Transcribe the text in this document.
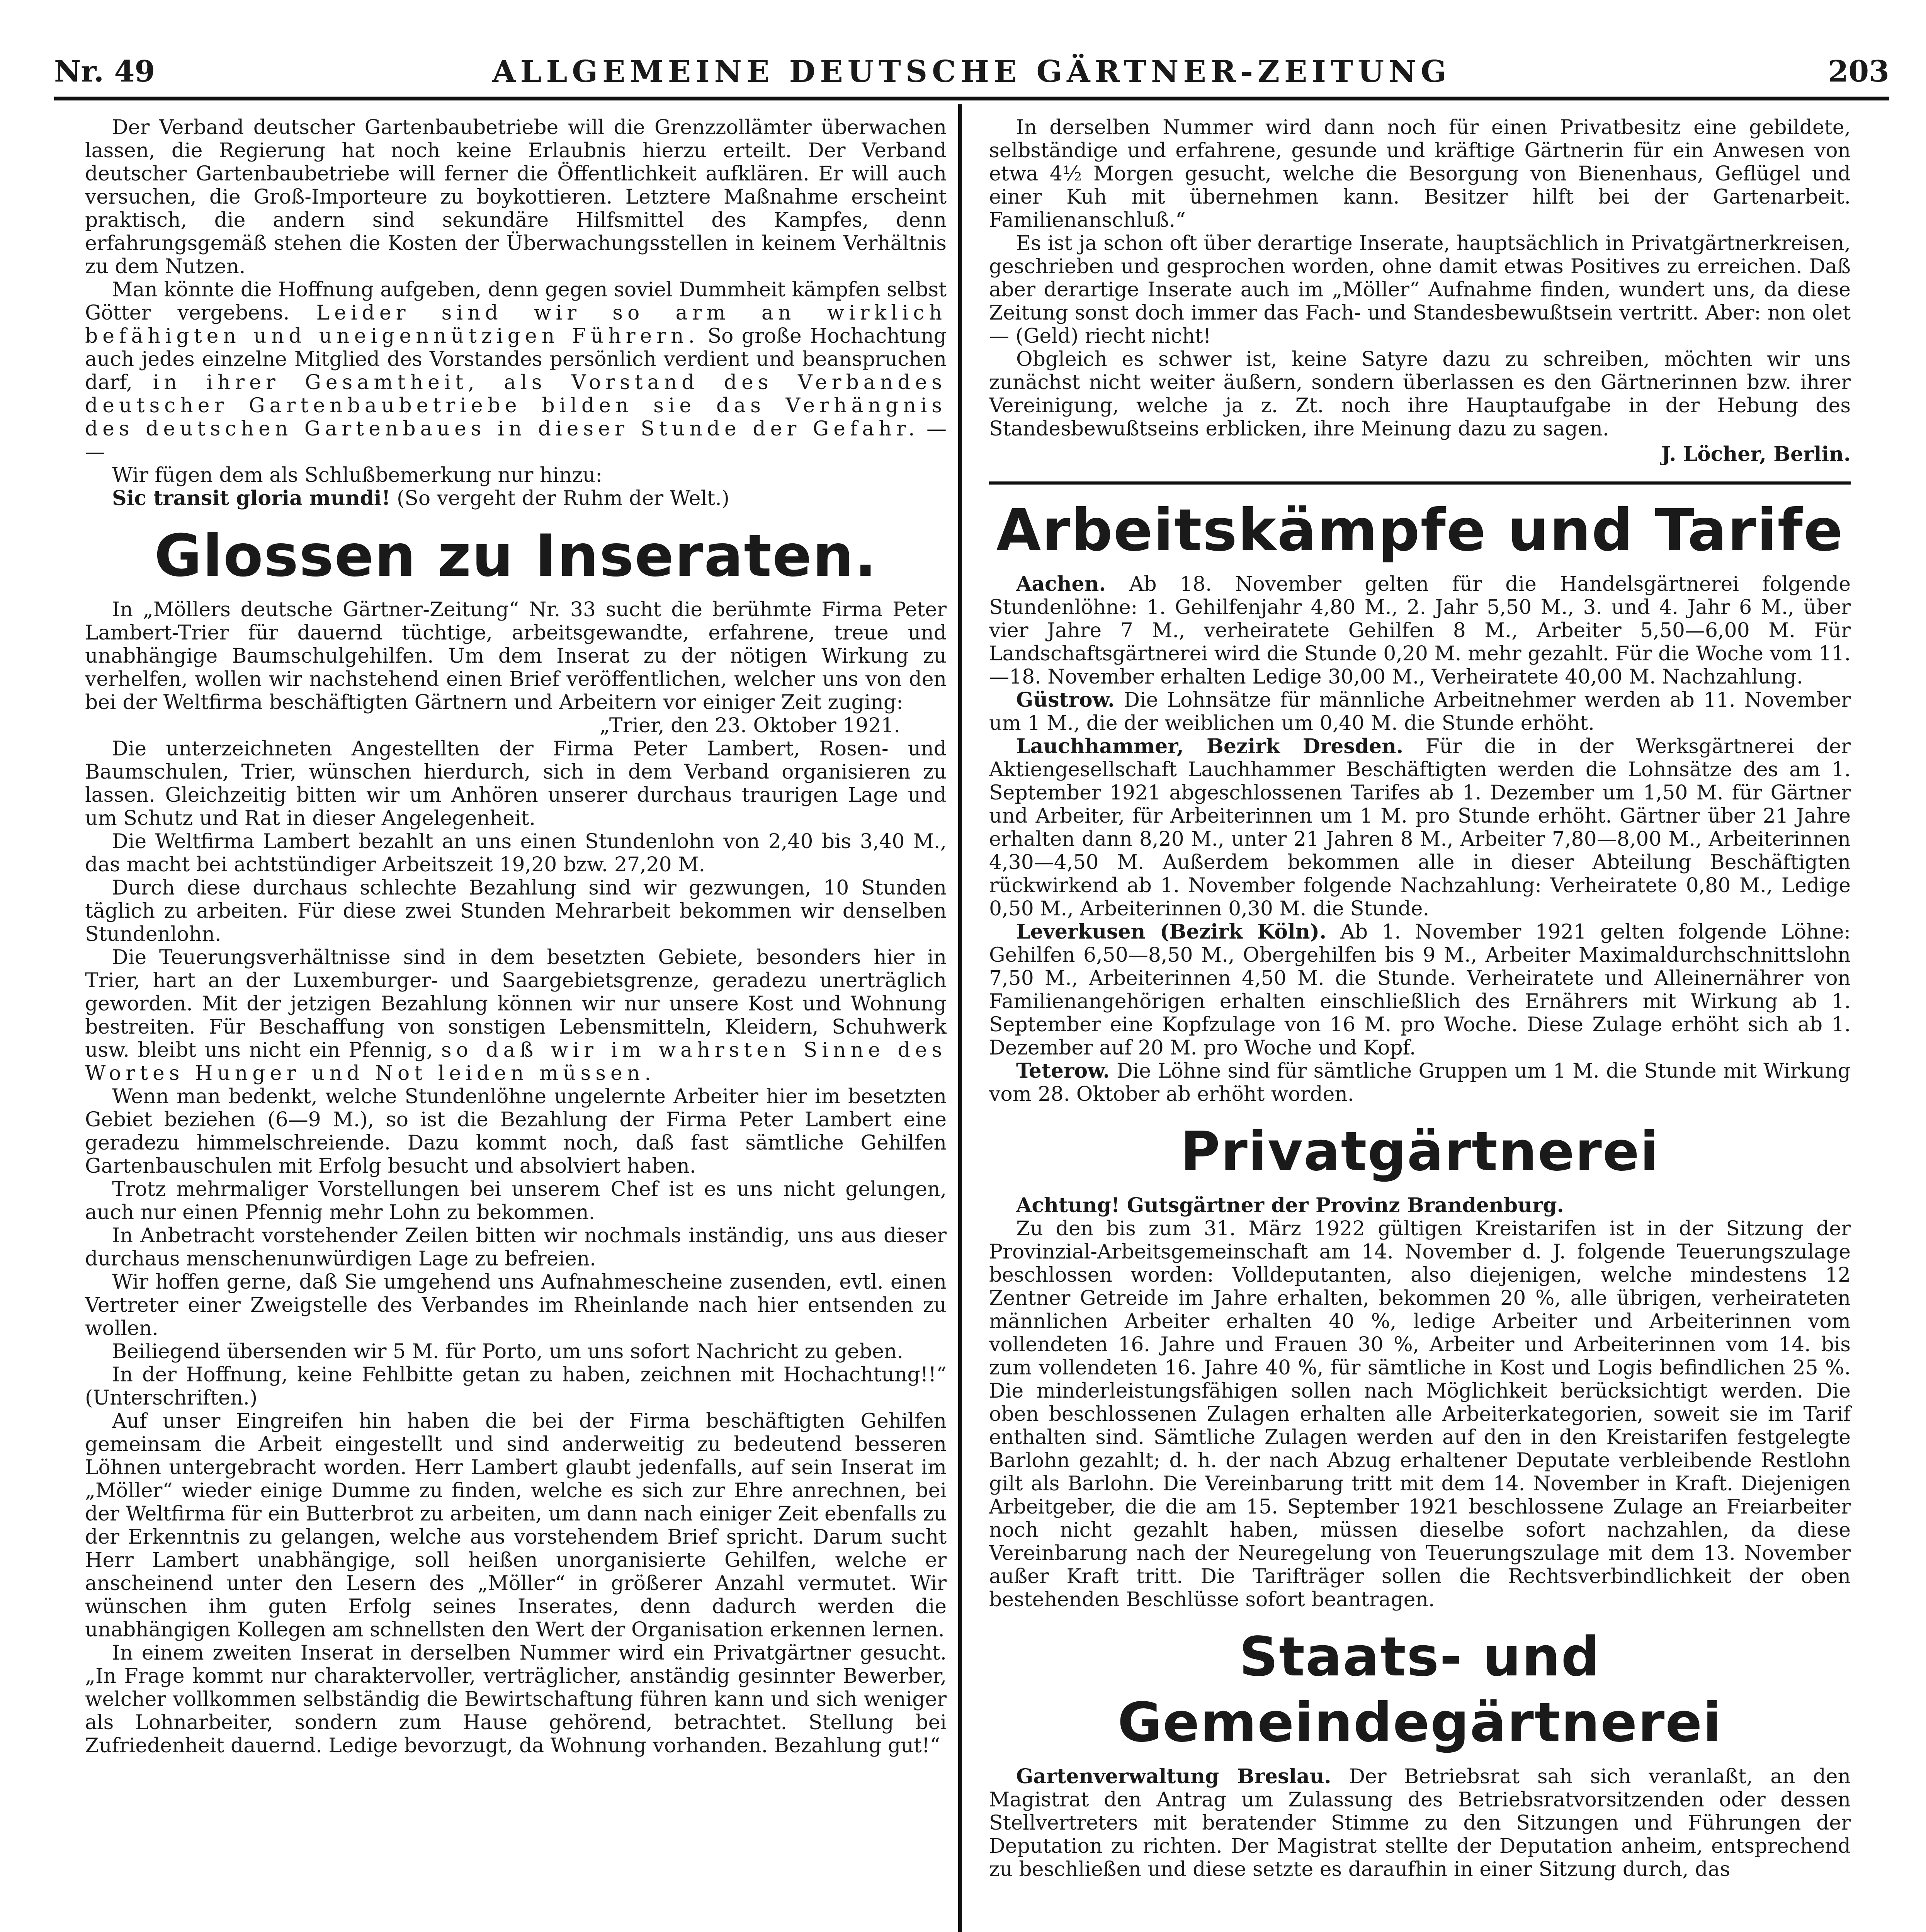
Nr. 49	ALLGEMEINE DEUTSCHE GÄRTNER-ZEITUNG	203

Der Verband deutscher Gartenbaubetriebe will die Grenzzollämter überwachen lassen, die Regierung hat noch keine Erlaubnis hierzu erteilt. Der Verband deutscher Gartenbaubetriebe will ferner die Öffentlichkeit aufklären. Er will auch versuchen, die Groß-Importeure zu boykottieren. Letztere Maßnahme erscheint praktisch, die andern sind sekundäre Hilfsmittel des Kampfes, denn erfahrungsgemäß stehen die Kosten der Überwachungsstellen in keinem Verhältnis zu dem Nutzen.

Man könnte die Hoffnung aufgeben, denn gegen soviel Dummheit kämpfen selbst Götter vergebens. Leider sind wir so arm an wirklich befähigten und uneigennützigen Führern. So große Hochachtung auch jedes einzelne Mitglied des Vorstandes persönlich verdient und beanspruchen darf, in ihrer Gesamtheit, als Vorstand des Verbandes deutscher Gartenbaubetriebe bilden sie das Verhängnis des deutschen Gartenbaues in dieser Stunde der Gefahr. — —

Wir fügen dem als Schlußbemerkung nur hinzu:

Sic transit gloria mundi! (So vergeht der Ruhm der Welt.)

Glossen zu Inseraten.

In „Möllers deutsche Gärtner-Zeitung“ Nr. 33 sucht die berühmte Firma Peter Lambert-Trier für dauernd tüchtige, arbeitsgewandte, erfahrene, treue und unabhängige Baumschulgehilfen. Um dem Inserat zu der nötigen Wirkung zu verhelfen, wollen wir nachstehend einen Brief veröffentlichen, welcher uns von den bei der Weltfirma beschäftigten Gärtnern und Arbeitern vor einiger Zeit zuging:

„Trier, den 23. Oktober 1921.

Die unterzeichneten Angestellten der Firma Peter Lambert, Rosen- und Baumschulen, Trier, wünschen hierdurch, sich in dem Verband organisieren zu lassen. Gleichzeitig bitten wir um Anhören unserer durchaus traurigen Lage und um Schutz und Rat in dieser Angelegenheit.

Die Weltfirma Lambert bezahlt an uns einen Stundenlohn von 2,40 bis 3,40 M., das macht bei achtstündiger Arbeitszeit 19,20 bzw. 27,20 M.

Durch diese durchaus schlechte Bezahlung sind wir gezwungen, 10 Stunden täglich zu arbeiten. Für diese zwei Stunden Mehrarbeit bekommen wir denselben Stundenlohn.

Die Teuerungsverhältnisse sind in dem besetzten Gebiete, besonders hier in Trier, hart an der Luxemburger- und Saargebietsgrenze, geradezu unerträglich geworden. Mit der jetzigen Bezahlung können wir nur unsere Kost und Wohnung bestreiten. Für Beschaffung von sonstigen Lebensmitteln, Kleidern, Schuhwerk usw. bleibt uns nicht ein Pfennig, so daß wir im wahrsten Sinne des Wortes Hunger und Not leiden müssen.

Wenn man bedenkt, welche Stundenlöhne ungelernte Arbeiter hier im besetzten Gebiet beziehen (6—9 M.), so ist die Bezahlung der Firma Peter Lambert eine geradezu himmelschreiende. Dazu kommt noch, daß fast sämtliche Gehilfen Gartenbauschulen mit Erfolg besucht und absolviert haben.

Trotz mehrmaliger Vorstellungen bei unserem Chef ist es uns nicht gelungen, auch nur einen Pfennig mehr Lohn zu bekommen.

In Anbetracht vorstehender Zeilen bitten wir nochmals inständig, uns aus dieser durchaus menschenunwürdigen Lage zu befreien.

Wir hoffen gerne, daß Sie umgehend uns Aufnahmescheine zusenden, evtl. einen Vertreter einer Zweigstelle des Verbandes im Rheinlande nach hier entsenden zu wollen.

Beiliegend übersenden wir 5 M. für Porto, um uns sofort Nachricht zu geben.

In der Hoffnung, keine Fehlbitte getan zu haben, zeichnen mit Hochachtung!!“ (Unterschriften.)

Auf unser Eingreifen hin haben die bei der Firma beschäftigten Gehilfen gemeinsam die Arbeit eingestellt und sind anderweitig zu bedeutend besseren Löhnen untergebracht worden. Herr Lambert glaubt jedenfalls, auf sein Inserat im „Möller“ wieder einige Dumme zu finden, welche es sich zur Ehre anrechnen, bei der Weltfirma für ein Butterbrot zu arbeiten, um dann nach einiger Zeit ebenfalls zu der Erkenntnis zu gelangen, welche aus vorstehendem Brief spricht. Darum sucht Herr Lambert unabhängige, soll heißen unorganisierte Gehilfen, welche er anscheinend unter den Lesern des „Möller“ in größerer Anzahl vermutet. Wir wünschen ihm guten Erfolg seines Inserates, denn dadurch werden die unabhängigen Kollegen am schnellsten den Wert der Organisation erkennen lernen.

In einem zweiten Inserat in derselben Nummer wird ein Privatgärtner gesucht. „In Frage kommt nur charaktervoller, verträglicher, anständig gesinnter Bewerber, welcher vollkommen selbständig die Bewirtschaftung führen kann und sich weniger als Lohnarbeiter, sondern zum Hause gehörend, betrachtet. Stellung bei Zufriedenheit dauernd. Ledige bevorzugt, da Wohnung vorhanden. Bezahlung gut!“

In derselben Nummer wird dann noch für einen Privatbesitz eine gebildete, selbständige und erfahrene, gesunde und kräftige Gärtnerin für ein Anwesen von etwa 4½ Morgen gesucht, welche die Besorgung von Bienenhaus, Geflügel und einer Kuh mit übernehmen kann. Besitzer hilft bei der Gartenarbeit. Familienanschluß.“

Es ist ja schon oft über derartige Inserate, hauptsächlich in Privatgärtnerkreisen, geschrieben und gesprochen worden, ohne damit etwas Positives zu erreichen. Daß aber derartige Inserate auch im „Möller“ Aufnahme finden, wundert uns, da diese Zeitung sonst doch immer das Fach- und Standesbewußtsein vertritt. Aber: non olet — (Geld) riecht nicht!

Obgleich es schwer ist, keine Satyre dazu zu schreiben, möchten wir uns zunächst nicht weiter äußern, sondern überlassen es den Gärtnerinnen bzw. ihrer Vereinigung, welche ja z. Zt. noch ihre Hauptaufgabe in der Hebung des Standesbewußtseins erblicken, ihre Meinung dazu zu sagen.

J. Löcher, Berlin.
Arbeitskämpfe und Tarife

Aachen. Ab 18. November gelten für die Handelsgärtnerei folgende Stundenlöhne: 1. Gehilfenjahr 4,80 M., 2. Jahr 5,50 M., 3. und 4. Jahr 6 M., über vier Jahre 7 M., verheiratete Gehilfen 8 M., Arbeiter 5,50—6,00 M. Für Landschaftsgärtnerei wird die Stunde 0,20 M. mehr gezahlt. Für die Woche vom 11.—18. November erhalten Ledige 30,00 M., Verheiratete 40,00 M. Nachzahlung.

Güstrow. Die Lohnsätze für männliche Arbeitnehmer werden ab 11. November um 1 M., die der weiblichen um 0,40 M. die Stunde erhöht.

Lauchhammer, Bezirk Dresden. Für die in der Werksgärtnerei der Aktiengesellschaft Lauchhammer Beschäftigten werden die Lohnsätze des am 1. September 1921 abgeschlossenen Tarifes ab 1. Dezember um 1,50 M. für Gärtner und Arbeiter, für Arbeiterinnen um 1 M. pro Stunde erhöht. Gärtner über 21 Jahre erhalten dann 8,20 M., unter 21 Jahren 8 M., Arbeiter 7,80—8,00 M., Arbeiterinnen 4,30—4,50 M. Außerdem bekommen alle in dieser Abteilung Beschäftigten rückwirkend ab 1. November folgende Nachzahlung: Verheiratete 0,80 M., Ledige 0,50 M., Arbeiterinnen 0,30 M. die Stunde.

Leverkusen (Bezirk Köln). Ab 1. November 1921 gelten folgende Löhne: Gehilfen 6,50—8,50 M., Obergehilfen bis 9 M., Arbeiter Maximaldurchschnittslohn 7,50 M., Arbeiterinnen 4,50 M. die Stunde. Verheiratete und Alleinernährer von Familienangehörigen erhalten einschließlich des Ernährers mit Wirkung ab 1. September eine Kopfzulage von 16 M. pro Woche. Diese Zulage erhöht sich ab 1. Dezember auf 20 M. pro Woche und Kopf.

Teterow. Die Löhne sind für sämtliche Gruppen um 1 M. die Stunde mit Wirkung vom 28. Oktober ab erhöht worden.

Privatgärtnerei

Achtung! Gutsgärtner der Provinz Brandenburg.

Zu den bis zum 31. März 1922 gültigen Kreistarifen ist in der Sitzung der Provinzial-Arbeitsgemeinschaft am 14. November d. J. folgende Teuerungszulage beschlossen worden: Volldeputanten, also diejenigen, welche mindestens 12 Zentner Getreide im Jahre erhalten, bekommen 20 %, alle übrigen, verheirateten männlichen Arbeiter erhalten 40 %, ledige Arbeiter und Arbeiterinnen vom vollendeten 16. Jahre und Frauen 30 %, Arbeiter und Arbeiterinnen vom 14. bis zum vollendeten 16. Jahre 40 %, für sämtliche in Kost und Logis befindlichen 25 %. Die minderleistungsfähigen sollen nach Möglichkeit berücksichtigt werden. Die oben beschlossenen Zulagen erhalten alle Arbeiterkategorien, soweit sie im Tarif enthalten sind. Sämtliche Zulagen werden auf den in den Kreistarifen festgelegte Barlohn gezahlt; d. h. der nach Abzug erhaltener Deputate verbleibende Restlohn gilt als Barlohn. Die Vereinbarung tritt mit dem 14. November in Kraft. Diejenigen Arbeitgeber, die die am 15. September 1921 beschlossene Zulage an Freiarbeiter noch nicht gezahlt haben, müssen dieselbe sofort nachzahlen, da diese Vereinbarung nach der Neuregelung von Teuerungszulage mit dem 13. November außer Kraft tritt. Die Tarifträger sollen die Rechtsverbindlichkeit der oben bestehenden Beschlüsse sofort beantragen.

Staats- und Gemeindegärtnerei

Gartenverwaltung Breslau. Der Betriebsrat sah sich veranlaßt, an den Magistrat den Antrag um Zulassung des Betriebsratvorsitzenden oder dessen Stellvertreters mit beratender Stimme zu den Sitzungen und Führungen der Deputation zu richten. Der Magistrat stellte der Deputation anheim, entsprechend zu beschließen und diese setzte es daraufhin in einer Sitzung durch, das
